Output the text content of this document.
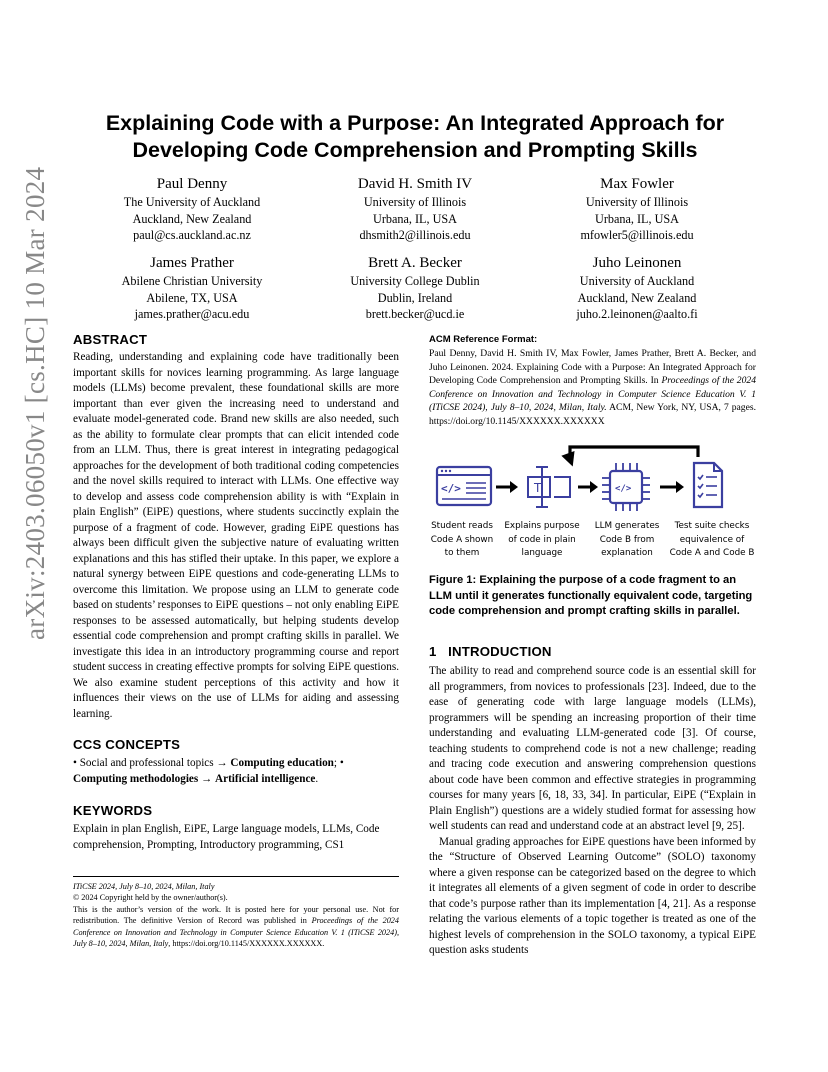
arXiv:2403.06050v1 [cs.HC] 10 Mar 2024
Explaining Code with a Purpose: An Integrated Approach for Developing Code Comprehension and Prompting Skills
Paul Denny
The University of Auckland
Auckland, New Zealand
paul@cs.auckland.ac.nz
David H. Smith IV
University of Illinois
Urbana, IL, USA
dhsmith2@illinois.edu
Max Fowler
University of Illinois
Urbana, IL, USA
mfowler5@illinois.edu
James Prather
Abilene Christian University
Abilene, TX, USA
james.prather@acu.edu
Brett A. Becker
University College Dublin
Dublin, Ireland
brett.becker@ucd.ie
Juho Leinonen
University of Auckland
Auckland, New Zealand
juho.2.leinonen@aalto.fi
ABSTRACT

Reading, understanding and explaining code have traditionally been important skills for novices learning programming. As large language models (LLMs) become prevalent, these foundational skills are more important than ever given the increasing need to understand and evaluate model-generated code. Brand new skills are also needed, such as the ability to formulate clear prompts that can elicit intended code from an LLM. Thus, there is great interest in integrating pedagogical approaches for the development of both traditional coding competencies and the novel skills required to interact with LLMs. One effective way to develop and assess code comprehension ability is with “Explain in plain English” (EiPE) questions, where students succinctly explain the purpose of a fragment of code. However, grading EiPE questions has always been difficult given the subjective nature of evaluating written explanations and this has stifled their uptake. In this paper, we explore a natural synergy between EiPE questions and code-generating LLMs to overcome this limitation. We propose using an LLM to generate code based on students’ responses to EiPE questions – not only enabling EiPE responses to be assessed automatically, but helping students develop essential code comprehension and prompt crafting skills in parallel. We investigate this idea in an introductory programming course and report student success in creating effective prompts for solving EiPE questions. We also examine student perceptions of this activity and how it influences their views on the use of LLMs for aiding and assessing learning.

CCS CONCEPTS

• Social and professional topics → Computing education; •
Computing methodologies → Artificial intelligence.

KEYWORDS

Explain in plan English, EiPE, Large language models, LLMs, Code comprehension, Prompting, Introductory programming, CS1

ITiCSE 2024, July 8–10, 2024, Milan, Italy

© 2024 Copyright held by the owner/author(s).

This is the author’s version of the work. It is posted here for your personal use. Not for redistribution. The definitive Version of Record was published in Proceedings of the 2024 Conference on Innovation and Technology in Computer Science Education V. 1 (ITiCSE 2024), July 8–10, 2024, Milan, Italy, https://doi.org/10.1145/XXXXXX.XXXXXX.

ACM Reference Format:

Paul Denny, David H. Smith IV, Max Fowler, James Prather, Brett A. Becker, and Juho Leinonen. 2024. Explaining Code with a Purpose: An Integrated Approach for Developing Code Comprehension and Prompting Skills. In Proceedings of the 2024 Conference on Innovation and Technology in Computer Science Education V. 1 (ITiCSE 2024), July 8–10, 2024, Milan, Italy. ACM, New York, NY, USA, 7 pages. https://doi.org/10.1145/XXXXXX.XXXXXX

</>	T	</>
Student reads
Code A shown
to them
Explains purpose
of code in plain
language
LLM generates
Code B from
explanation
Test suite checks
equivalence of
Code A and Code B

Figure 1: Explaining the purpose of a code fragment to an LLM until it generates functionally equivalent code, targeting code comprehension and prompt crafting skills in parallel.

1   INTRODUCTION

The ability to read and comprehend source code is an essential skill for all programmers, from novices to professionals [23]. Indeed, due to the ease of generating code with large language models (LLMs), programmers will be spending an increasing proportion of their time understanding and evaluating LLM-generated code [3]. Of course, teaching students to comprehend code is not a new challenge; reading and tracing code execution and answering comprehension questions about code have been common and effective strategies in programming courses for many years [6, 18, 33, 34]. In particular, EiPE (“Explain in Plain English”) questions are a widely studied format for assessing how well students can read and understand code at an abstract level [9, 25].

Manual grading approaches for EiPE questions have been informed by the “Structure of Observed Learning Outcome” (SOLO) taxonomy where a given response can be categorized based on the degree to which it integrates all elements of a given segment of code in order to describe that code’s purpose rather than its implementation [4, 21]. As a response relating the various elements of a topic together is treated as one of the highest levels of comprehension in the SOLO taxonomy, a typical EiPE question asks students
